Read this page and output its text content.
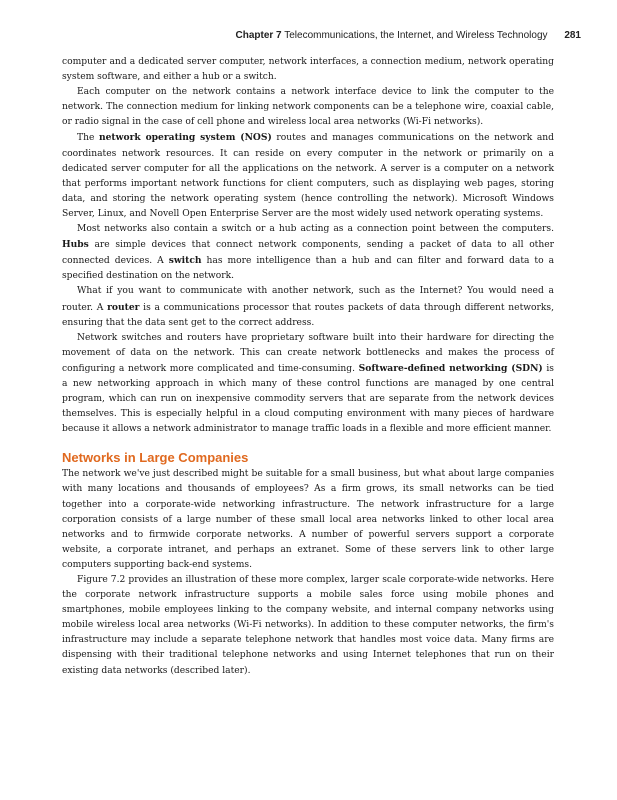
Chapter 7 Telecommunications, the Internet, and Wireless Technology 281

computer and a dedicated server computer, network interfaces, a connection medium, network operating system software, and either a hub or a switch.

Each computer on the network contains a network interface device to link the computer to the network. The connection medium for linking network components can be a telephone wire, coaxial cable, or radio signal in the case of cell phone and wireless local area networks (Wi-Fi networks).

The network operating system (NOS) routes and manages communications on the network and coordinates network resources. It can reside on every computer in the network or primarily on a dedicated server computer for all the applications on the network. A server is a computer on a network that performs important network functions for client computers, such as displaying web pages, storing data, and storing the network operating system (hence controlling the network). Microsoft Windows Server, Linux, and Novell Open Enterprise Server are the most widely used network operating systems.

Most networks also contain a switch or a hub acting as a connection point between the computers. Hubs are simple devices that connect network components, sending a packet of data to all other connected devices. A switch has more intelligence than a hub and can filter and forward data to a specified destination on the network.

What if you want to communicate with another network, such as the Internet? You would need a router. A router is a communications processor that routes packets of data through different networks, ensuring that the data sent get to the correct address.

Network switches and routers have proprietary software built into their hardware for directing the movement of data on the network. This can create network bottlenecks and makes the process of configuring a network more complicated and time-consuming. Software-defined networking (SDN) is a new networking approach in which many of these control functions are managed by one central program, which can run on inexpensive commodity servers that are separate from the network devices themselves. This is especially helpful in a cloud computing environment with many pieces of hardware because it allows a network administrator to manage traffic loads in a flexible and more efficient manner.

Networks in Large Companies

The network we've just described might be suitable for a small business, but what about large companies with many locations and thousands of employees? As a firm grows, its small networks can be tied together into a corporate-wide networking infrastructure. The network infrastructure for a large corporation consists of a large number of these small local area networks linked to other local area networks and to firmwide corporate networks. A number of powerful servers support a corporate website, a corporate intranet, and perhaps an extranet. Some of these servers link to other large computers supporting back-end systems.

Figure 7.2 provides an illustration of these more complex, larger scale corporate-wide networks. Here the corporate network infrastructure supports a mobile sales force using mobile phones and smartphones, mobile employees linking to the company website, and internal company networks using mobile wireless local area networks (Wi-Fi networks). In addition to these computer networks, the firm's infrastructure may include a separate telephone network that handles most voice data. Many firms are dispensing with their traditional telephone networks and using Internet telephones that run on their existing data networks (described later).
